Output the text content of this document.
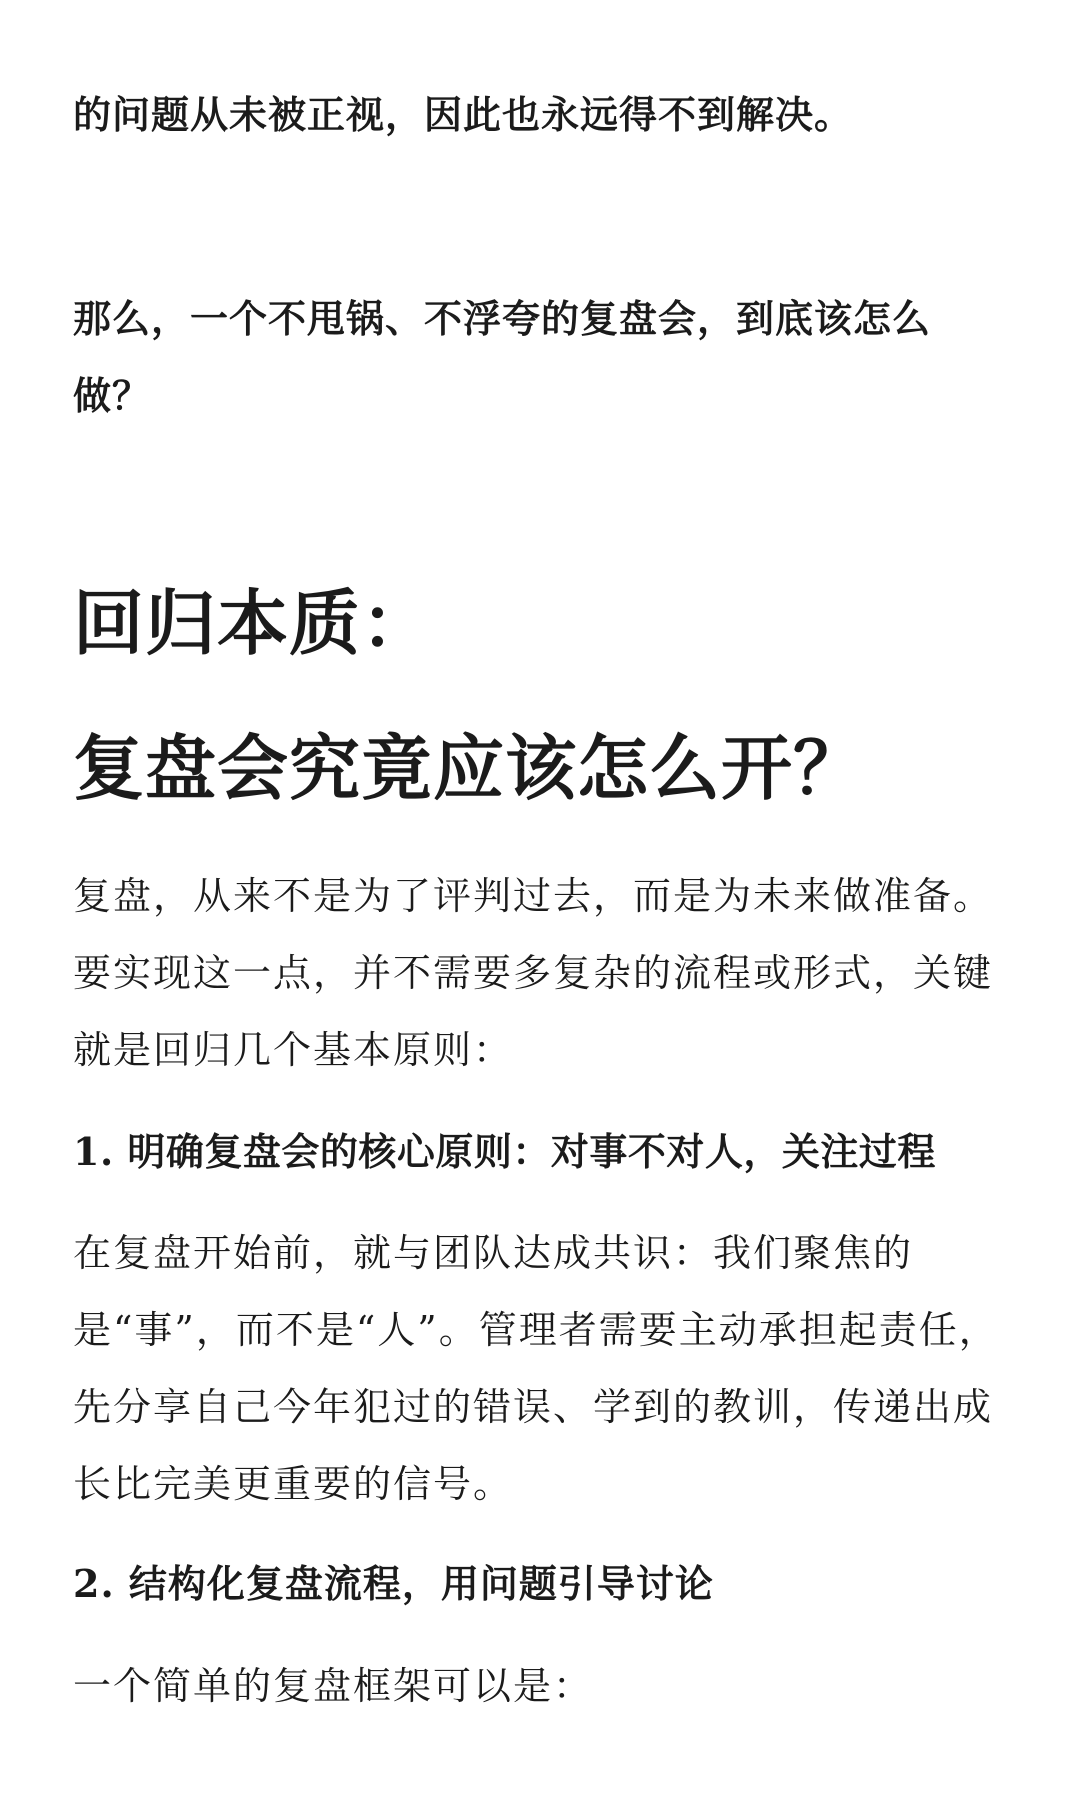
的问题从未被正视，因此也永远得不到解决。

那么，一个不甩锅、不浮夸的复盘会，到底该怎么做？

回归本质：
复盘会究竟应该怎么开？

复盘，从来不是为了评判过去，而是为未来做准备。要实现这一点，并不需要多复杂的流程或形式，关键就是回归几个基本原则：

1. 明确复盘会的核心原则：对事不对人，关注过程

在复盘开始前，就与团队达成共识：我们聚焦的是“事”，而不是“人”。管理者需要主动承担起责任，先分享自己今年犯过的错误、学到的教训，传递出成长比完美更重要的信号。

2. 结构化复盘流程，用问题引导讨论

一个简单的复盘框架可以是：
